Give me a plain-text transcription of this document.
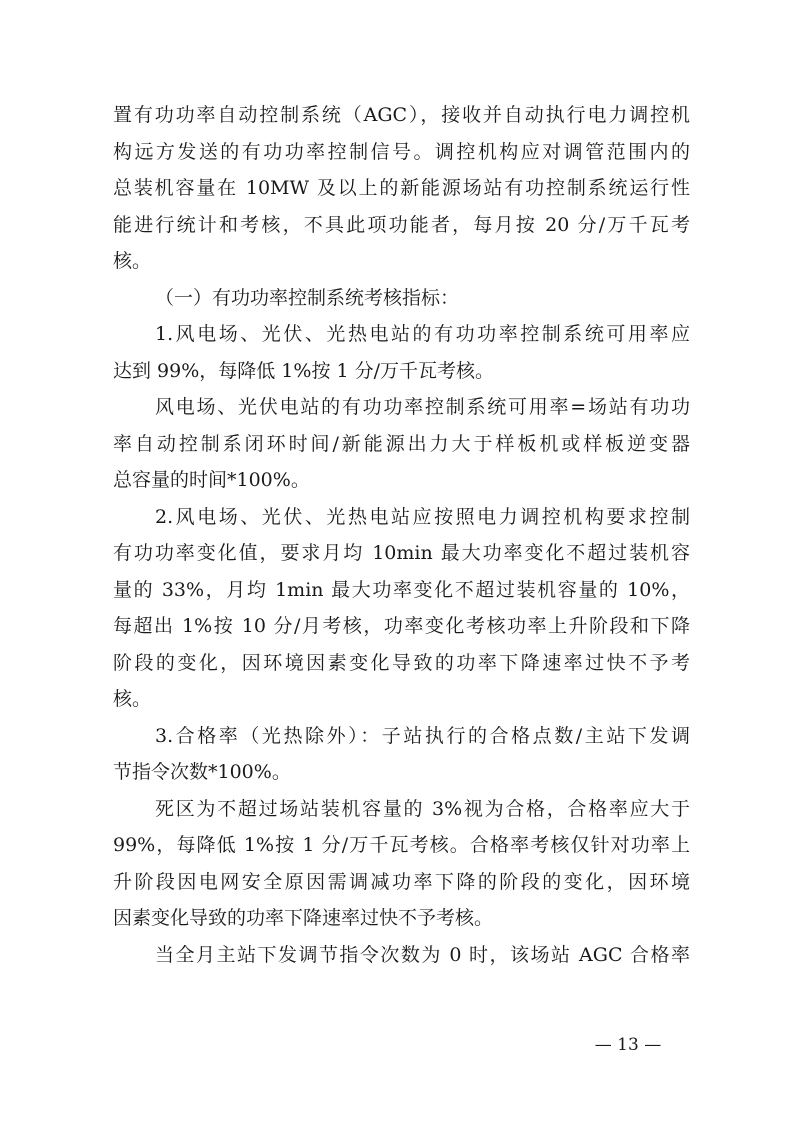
置有功功率自动控制系统（AGC），接收并自动执行电力调控机
构远方发送的有功功率控制信号。调控机构应对调管范围内的
总装机容量在 10MW 及以上的新能源场站有功控制系统运行性
能进行统计和考核，不具此项功能者，每月按 20 分/万千瓦考
核。
（一）有功功率控制系统考核指标：
1.风电场、光伏、光热电站的有功功率控制系统可用率应
达到 99%，每降低 1%按 1 分/万千瓦考核。
风电场、光伏电站的有功功率控制系统可用率=场站有功功
率自动控制系闭环时间/新能源出力大于样板机或样板逆变器
总容量的时间*100%。
2.风电场、光伏、光热电站应按照电力调控机构要求控制
有功功率变化值，要求月均 10min 最大功率变化不超过装机容
量的 33%，月均 1min 最大功率变化不超过装机容量的 10%，
每超出 1%按 10 分/月考核，功率变化考核功率上升阶段和下降
阶段的变化，因环境因素变化导致的功率下降速率过快不予考
核。
3.合格率（光热除外）：子站执行的合格点数/主站下发调
节指令次数*100%。
死区为不超过场站装机容量的 3%视为合格，合格率应大于
99%，每降低 1%按 1 分/万千瓦考核。合格率考核仅针对功率上
升阶段因电网安全原因需调减功率下降的阶段的变化，因环境
因素变化导致的功率下降速率过快不予考核。
当全月主站下发调节指令次数为 0 时，该场站 AGC 合格率
— 13 —
